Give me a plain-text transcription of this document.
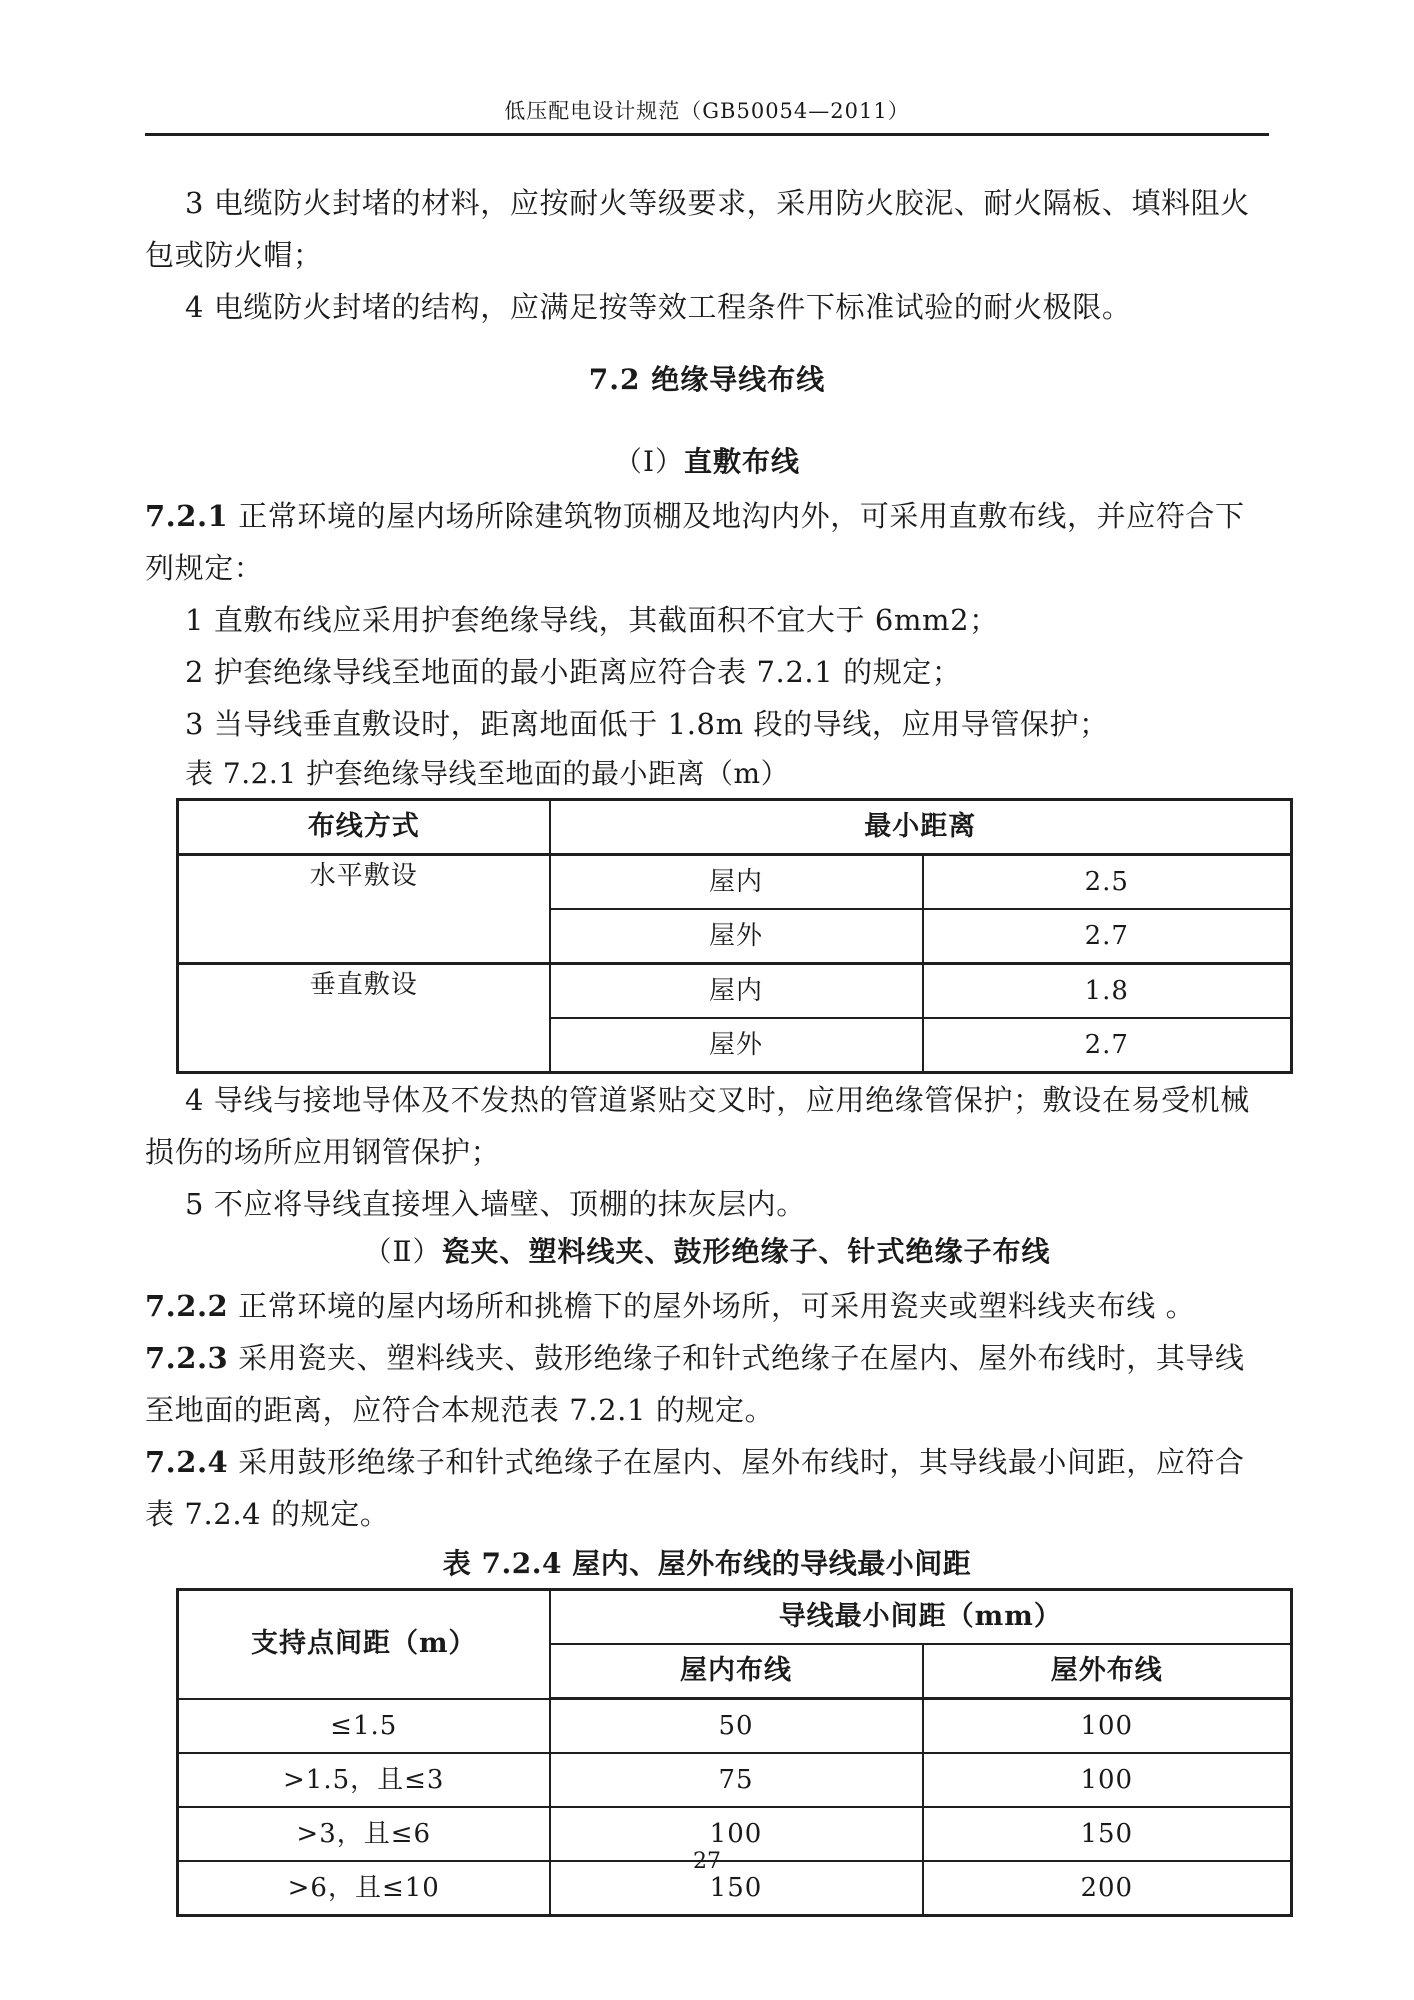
低压配电设计规范（GB50054—2011）

3 电缆防火封堵的材料，应按耐火等级要求，采用防火胶泥、耐火隔板、填料阻火包或防火帽；

4 电缆防火封堵的结构，应满足按等效工程条件下标准试验的耐火极限。

7.2 绝缘导线布线
（Ⅰ）直敷布线

7.2.1 正常环境的屋内场所除建筑物顶棚及地沟内外，可采用直敷布线，并应符合下列规定：

1 直敷布线应采用护套绝缘导线，其截面积不宜大于 6mm2；

2 护套绝缘导线至地面的最小距离应符合表 7.2.1 的规定；

3 当导线垂直敷设时，距离地面低于 1.8m 段的导线，应用导管保护；

表 7.2.1 护套绝缘导线至地面的最小距离（m）

布线方式	最小距离	
水平敷设	屋内	2.5
	屋外	2.7
垂直敷设	屋内	1.8
	屋外	2.7

4 导线与接地导体及不发热的管道紧贴交叉时，应用绝缘管保护；敷设在易受机械损伤的场所应用钢管保护；

5 不应将导线直接埋入墙壁、顶棚的抹灰层内。

（Ⅱ）瓷夹、塑料线夹、鼓形绝缘子、针式绝缘子布线

7.2.2 正常环境的屋内场所和挑檐下的屋外场所，可采用瓷夹或塑料线夹布线 。

7.2.3 采用瓷夹、塑料线夹、鼓形绝缘子和针式绝缘子在屋内、屋外布线时，其导线至地面的距离，应符合本规范表 7.2.1 的规定。

7.2.4 采用鼓形绝缘子和针式绝缘子在屋内、屋外布线时，其导线最小间距，应符合表 7.2.4 的规定。

表 7.2.4 屋内、屋外布线的导线最小间距

支持点间距（m）	导线最小间距（mm）	
	屋内布线	屋外布线
≤1.5	50	100
>1.5，且≤3	75	100
>3，且≤6	100	150
>6，且≤10	150	200
27
